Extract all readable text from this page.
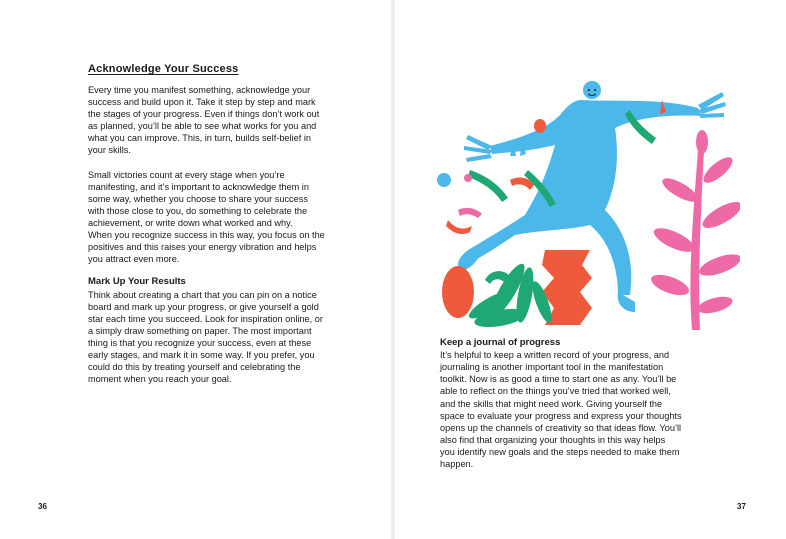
Acknowledge Your Success

Every time you manifest something, acknowledge your
success and build upon it. Take it step by step and mark
the stages of your progress. Even if things don’t work out
as planned, you’ll be able to see what works for you and
what you can improve. This, in turn, builds self-belief in
your skills.

Small victories count at every stage when you’re
manifesting, and it’s important to acknowledge them in
some way, whether you choose to share your success
with those close to you, do something to celebrate the
achievement, or write down what worked and why.
When you recognize success in this way, you focus on the
positives and this raises your energy vibration and helps
you attract even more.

Mark Up Your Results

Think about creating a chart that you can pin on a notice
board and mark up your progress, or give yourself a gold
star each time you succeed. Look for inspiration online, or
a simply draw something on paper. The most important
thing is that you recognize your success, even at these
early stages, and mark it in some way. If you prefer, you
could do this by treating yourself and celebrating the
moment when you reach your goal.

36
Keep a journal of progress

It’s helpful to keep a written record of your progress, and
journaling is another important tool in the manifestation
toolkit. Now is as good a time to start one as any. You’ll be
able to reflect on the things you’ve tried that worked well,
and the skills that might need work. Giving yourself the
space to evaluate your progress and express your thoughts
opens up the channels of creativity so that ideas flow. You’ll
also find that organizing your thoughts in this way helps
you identify new goals and the steps needed to make them
happen.

37
